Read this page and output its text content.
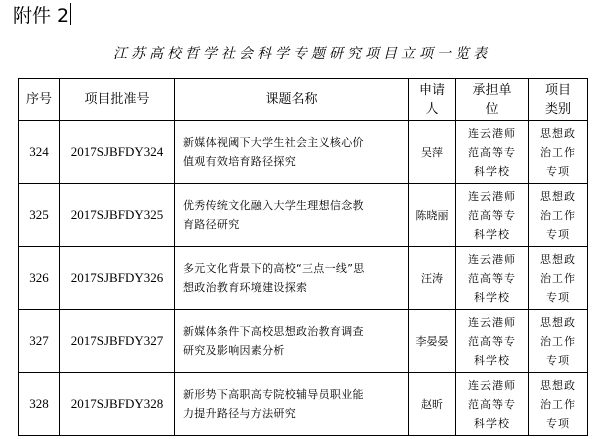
附件 2
江苏高校哲学社会科学专题研究项目立项一览表
序号	项目批准号	课题名称	申请
人	承担单
位	项目
类别

324	2017SJBFDY324	新媒体视阈下大学生社会主义核心价
值观有效培育路径探究	吴萍	连云港师
范高等专
科学校	思想政
治工作
专项

325	2017SJBFDY325	优秀传统文化融入大学生理想信念教
育路径研究	陈晓丽	连云港师
范高等专
科学校	思想政
治工作
专项

326	2017SJBFDY326	多元文化背景下的高校“三点一线”思
想政治教育环境建设探索	汪涛	连云港师
范高等专
科学校	思想政
治工作
专项

327	2017SJBFDY327	新媒体条件下高校思想政治教育调查
研究及影响因素分析	李晏晏	连云港师
范高等专
科学校	思想政
治工作
专项

328	2017SJBFDY328	新形势下高职高专院校辅导员职业能
力提升路径与方法研究	赵昕	连云港师
范高等专
科学校	思想政
治工作
专项
